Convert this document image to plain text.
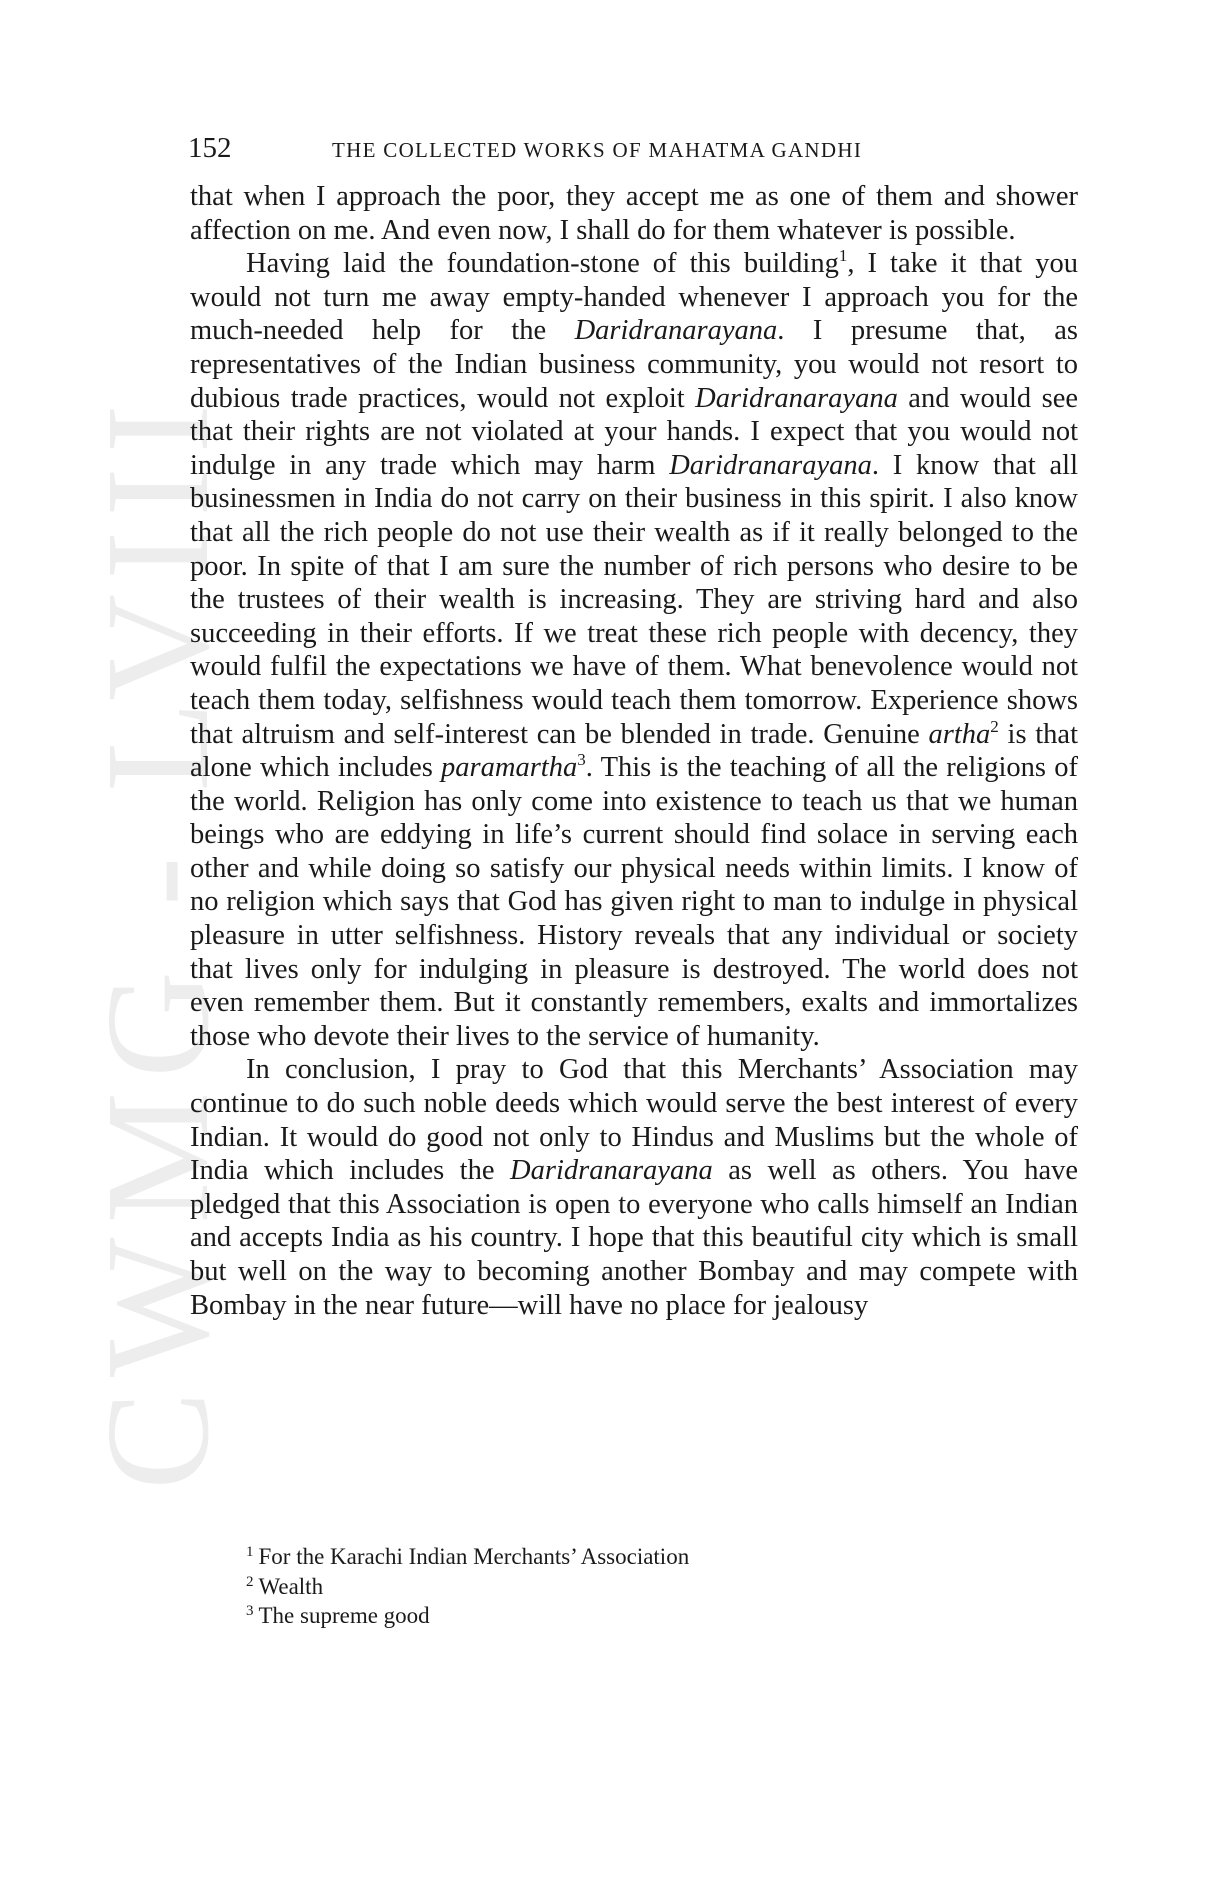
CWMG - LVIII
152	THE COLLECTED WORKS OF MAHATMA GANDHI

that when I approach the poor, they accept me as one of them and shower affection on me. And even now, I shall do for them whatever is possible.

Having laid the foundation-stone of this building$^1$, I take it that you would not turn me away empty-handed whenever I approach you for the much-needed help for the Daridranarayana. I presume that, as representatives of the Indian business community, you would not resort to dubious trade practices, would not exploit Daridranarayana and would see that their rights are not violated at your hands. I expect that you would not indulge in any trade which may harm Daridranarayana. I know that all businessmen in India do not carry on their business in this spirit. I also know that all the rich people do not use their wealth as if it really belonged to the poor. In spite of that I am sure the number of rich persons who desire to be the trustees of their wealth is increasing. They are striving hard and also succeeding in their efforts. If we treat these rich people with decency, they would fulfil the expectations we have of them. What benevolence would not teach them today, selfishness would teach them tomorrow. Experience shows that altruism and self-interest can be blended in trade. Genuine artha$^2$ is that alone which includes paramartha$^3$. This is the teaching of all the religions of the world. Religion has only come into existence to teach us that we human beings who are eddying in life’s current should find solace in serving each other and while doing so satisfy our physical needs within limits. I know of no religion which says that God has given right to man to indulge in physical pleasure in utter selfishness. History reveals that any individual or society that lives only for indulging in pleasure is destroyed. The world does not even remember them. But it constantly remembers, exalts and immortalizes those who devote their lives to the service of humanity.

In conclusion, I pray to God that this Merchants’ Association may continue to do such noble deeds which would serve the best interest of every Indian. It would do good not only to Hindus and Muslims but the whole of India which includes the Daridranarayana as well as others. You have pledged that this Association is open to everyone who calls himself an Indian and accepts India as his country. I hope that this beautiful city which is small but well on the way to becoming another Bombay and may compete with Bombay in the near future—will have no place for jealousy

$^1$ For the Karachi Indian Merchants’ Association
$^2$ Wealth
$^3$ The supreme good
